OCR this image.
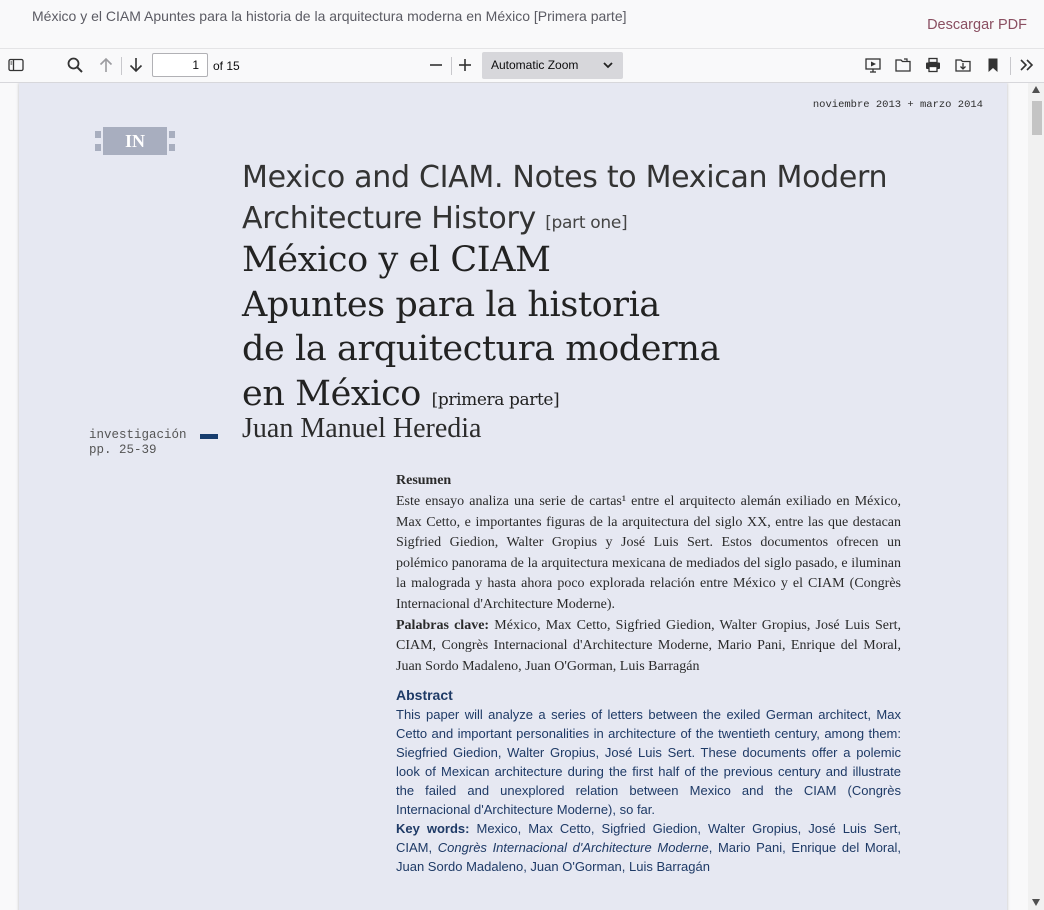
México y el CIAM Apuntes para la historia de la arquitectura moderna en México [Primera parte]
Descargar PDF
1
of 15	Automatic Zoom
noviembre 2013 + marzo 2014
IN
Mexico and CIAM. Notes to Mexican Modern Architecture History [part one]
México y el CIAM
Apuntes para la historia
de la arquitectura moderna
en México [primera parte]
Juan Manuel Heredia
investigación
pp. 25-39
Resumen

Este ensayo analiza una serie de cartas¹ entre el arquitecto alemán exiliado en México, Max Cetto, e importantes figuras de la arquitectura del siglo XX, entre las que destacan Sigfried Giedion, Walter Gropius y José Luis Sert. Estos documentos ofrecen un polémico panorama de la arquitectura mexicana de mediados del siglo pasado, e iluminan la malograda y hasta ahora poco explorada relación entre México y el CIAM (Congrès Internacional d'Architecture Moderne).

Palabras clave: México, Max Cetto, Sigfried Giedion, Walter Gropius, José Luis Sert, CIAM, Congrès Internacional d'Architecture Moderne, Mario Pani, Enrique del Moral, Juan Sordo Madaleno, Juan O'Gorman, Luis Barragán

Abstract

This paper will analyze a series of letters between the exiled German architect, Max Cetto and important personalities in architecture of the twentieth century, among them: Siegfried Giedion, Walter Gropius, José Luis Sert. These documents offer a polemic look of Mexican architecture during the first half of the previous century and illustrate the failed and unexplored relation between Mexico and the CIAM (Congrès Internacional d'Architecture Moderne), so far.

Key words: Mexico, Max Cetto, Sigfried Giedion, Walter Gropius, José Luis Sert, CIAM, Congrès Internacional d'Architecture Moderne, Mario Pani, Enrique del Moral, Juan Sordo Madaleno, Juan O'Gorman, Luis Barragán
